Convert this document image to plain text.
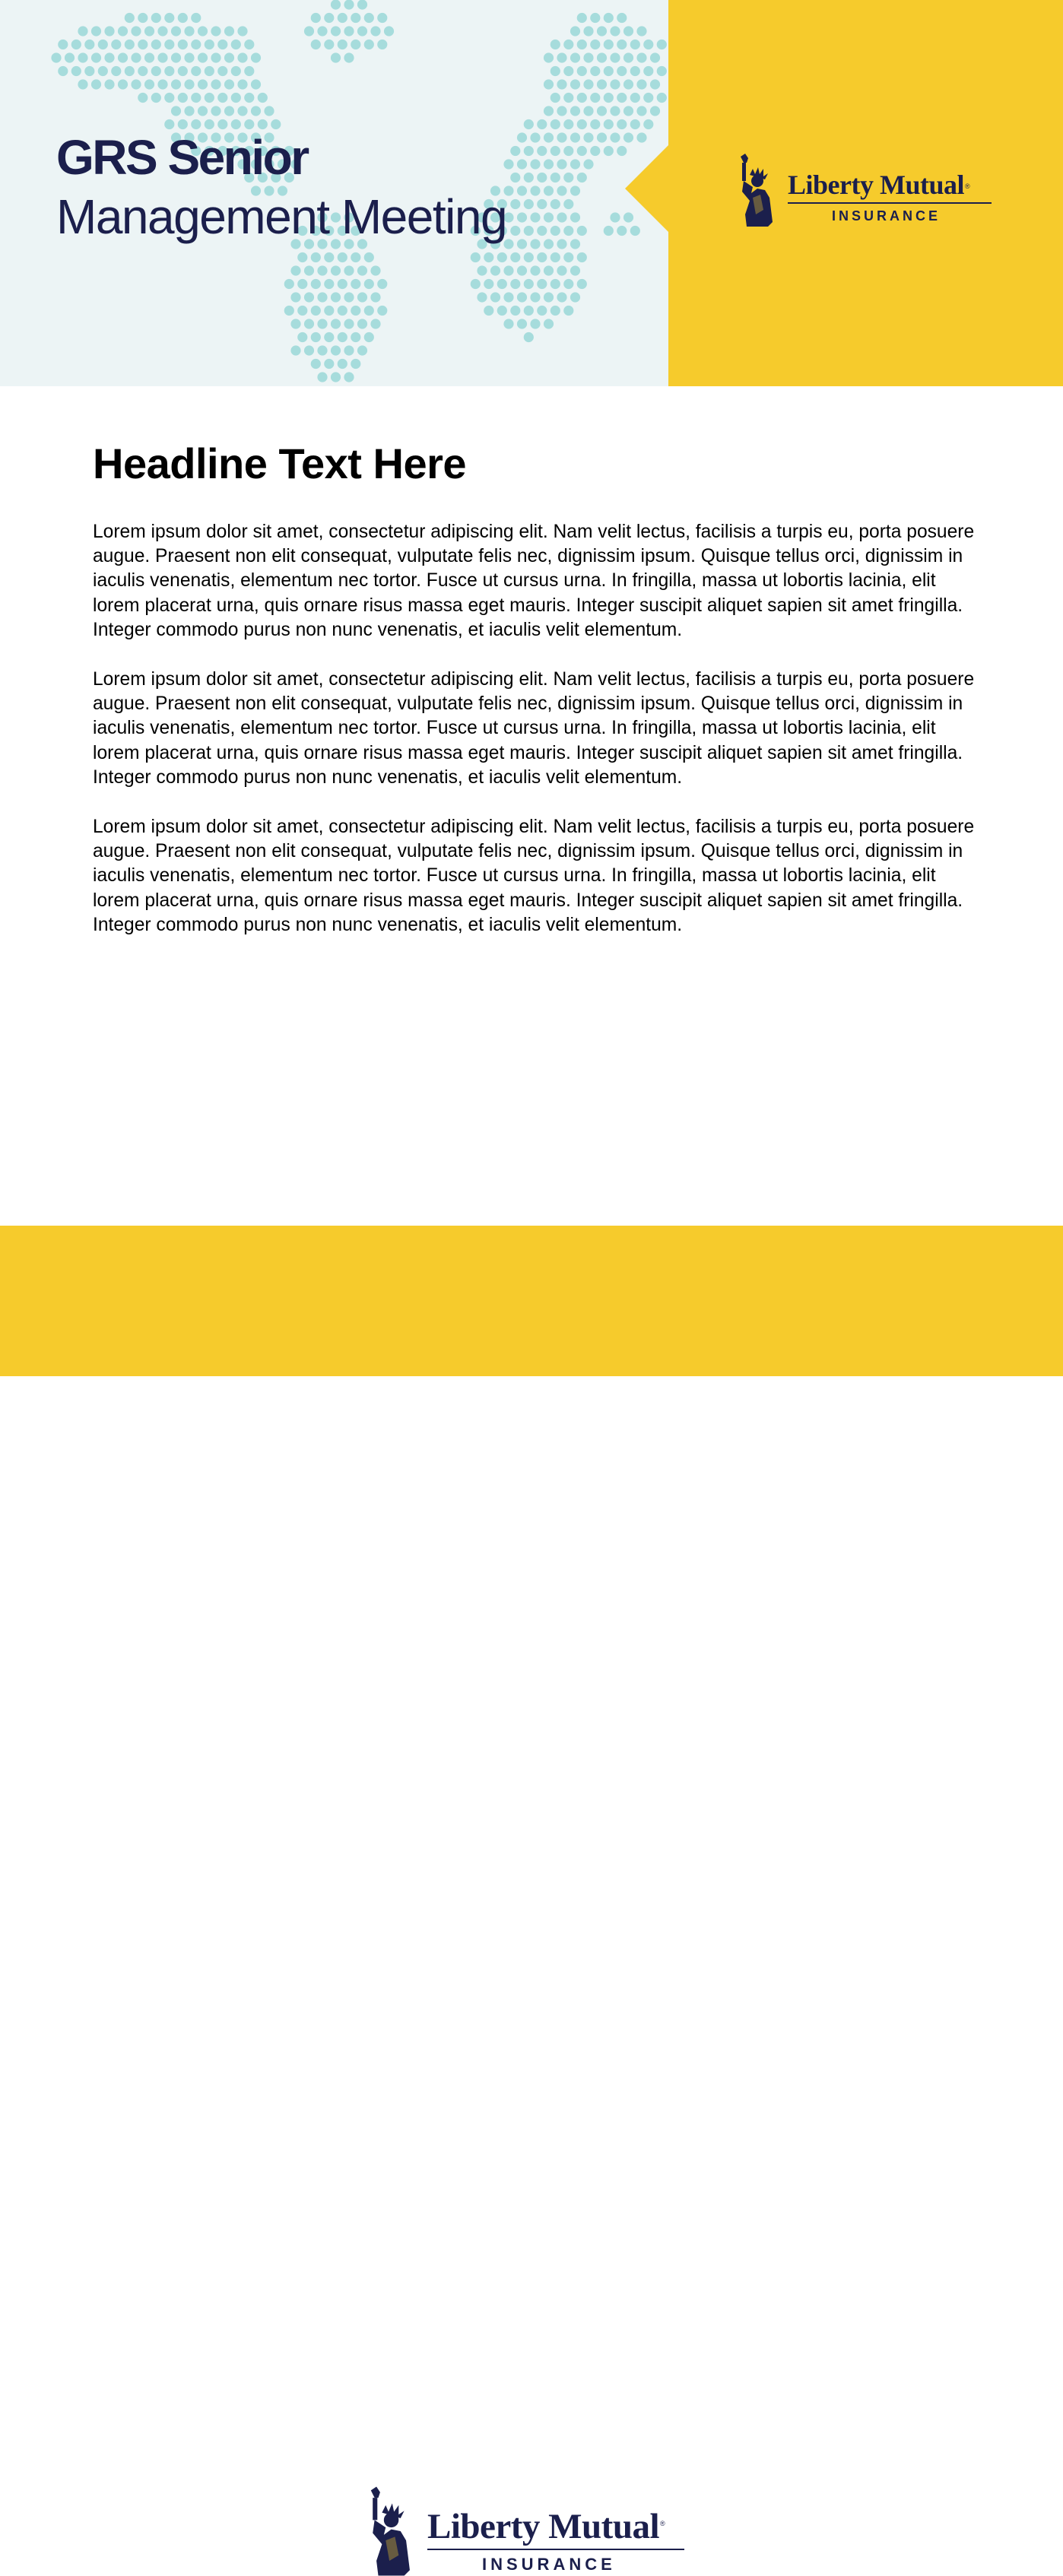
GRS Senior
Management Meeting
Liberty Mutual®
INSURANCE
Headline Text Here

Lorem ipsum dolor sit amet, consectetur adipiscing elit. Nam velit lectus, facilisis a turpis eu, porta posuere augue. Praesent non elit consequat, vulputate felis nec, dignissim ipsum. Quisque tellus orci, dignissim in iaculis venenatis, elementum nec tortor. Fusce ut cursus urna. In fringilla, massa ut lobortis lacinia, elit lorem placerat urna, quis ornare risus massa eget mauris. Integer suscipit aliquet sapien sit amet fringilla. Integer commodo purus non nunc venenatis, et iaculis velit elementum.

Lorem ipsum dolor sit amet, consectetur adipiscing elit. Nam velit lectus, facilisis a turpis eu, porta posuere augue. Praesent non elit consequat, vulputate felis nec, dignissim ipsum. Quisque tellus orci, dignissim in iaculis venenatis, elementum nec tortor. Fusce ut cursus urna. In fringilla, massa ut lobortis lacinia, elit lorem placerat urna, quis ornare risus massa eget mauris. Integer suscipit aliquet sapien sit amet fringilla. Integer commodo purus non nunc venenatis, et iaculis velit elementum.

Lorem ipsum dolor sit amet, consectetur adipiscing elit. Nam velit lectus, facilisis a turpis eu, porta posuere augue. Praesent non elit consequat, vulputate felis nec, dignissim ipsum. Quisque tellus orci, dignissim in iaculis venenatis, elementum nec tortor. Fusce ut cursus urna. In fringilla, massa ut lobortis lacinia, elit lorem placerat urna, quis ornare risus massa eget mauris. Integer suscipit aliquet sapien sit amet fringilla. Integer commodo purus non nunc venenatis, et iaculis velit elementum.

Liberty Mutual®
INSURANCE
